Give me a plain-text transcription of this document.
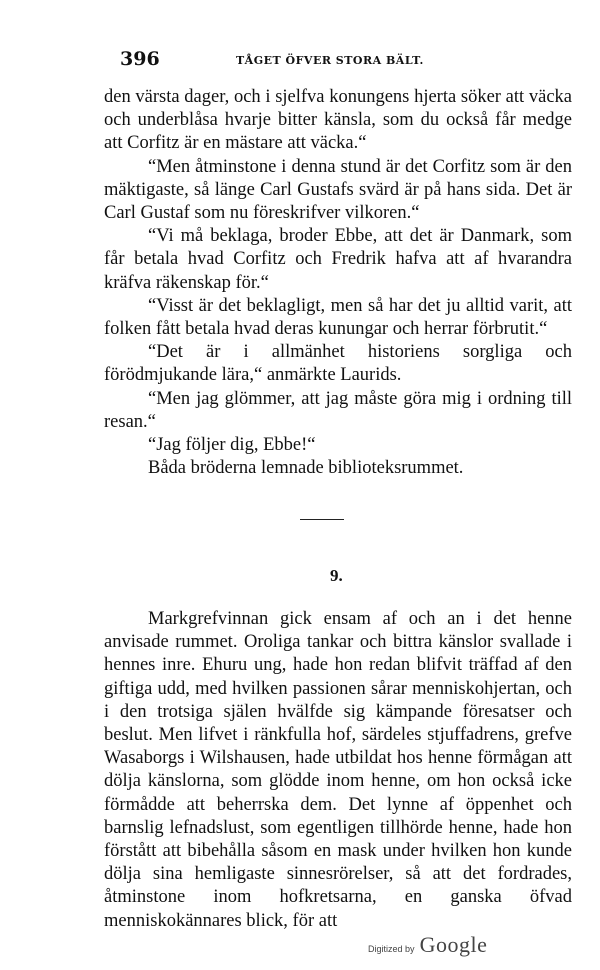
396	TÅGET ÖFVER STORA BÄLT.

den värsta dager, och i sjelfva konungens hjerta söker att väcka och underblåsa hvarje bitter känsla, som du också får medge att Corfitz är en mästare att väcka.“

“Men åtminstone i denna stund är det Corfitz som är den mäktigaste, så länge Carl Gustafs svärd är på hans sida. Det är Carl Gustaf som nu föreskrifver vilkoren.“

“Vi må beklaga, broder Ebbe, att det är Danmark, som får betala hvad Corfitz och Fredrik hafva att af hvarandra kräfva räkenskap för.“

“Visst är det beklagligt, men så har det ju alltid varit, att folken fått betala hvad deras kunungar och herrar förbrutit.“

“Det är i allmänhet historiens sorgliga och förödmjukande lära,“ anmärkte Laurids.

“Men jag glömmer, att jag måste göra mig i ordning till resan.“

“Jag följer dig, Ebbe!“

Båda bröderna lemnade biblioteksrummet.

9.

Markgrefvinnan gick ensam af och an i det henne anvisade rummet. Oroliga tankar och bittra känslor svallade i hennes inre. Ehuru ung, hade hon redan blifvit träffad af den giftiga udd, med hvilken passionen sårar menniskohjertan, och i den trotsiga själen hvälfde sig kämpande föresatser och beslut. Men lifvet i ränkfulla hof, särdeles stjuffadrens, grefve Wasaborgs i Wilshausen, hade utbildat hos henne förmågan att dölja känslorna, som glödde inom henne, om hon också icke förmådde att beherrska dem. Det lynne af öppenhet och barnslig lefnadslust, som egentligen tillhörde henne, hade hon förstått att bibehålla såsom en mask under hvilken hon kunde dölja sina hemligaste sinnesrörelser, så att det fordrades, åtminstone inom hofkretsarna, en ganska öfvad menniskokännares blick, för att

Digitized by Google
